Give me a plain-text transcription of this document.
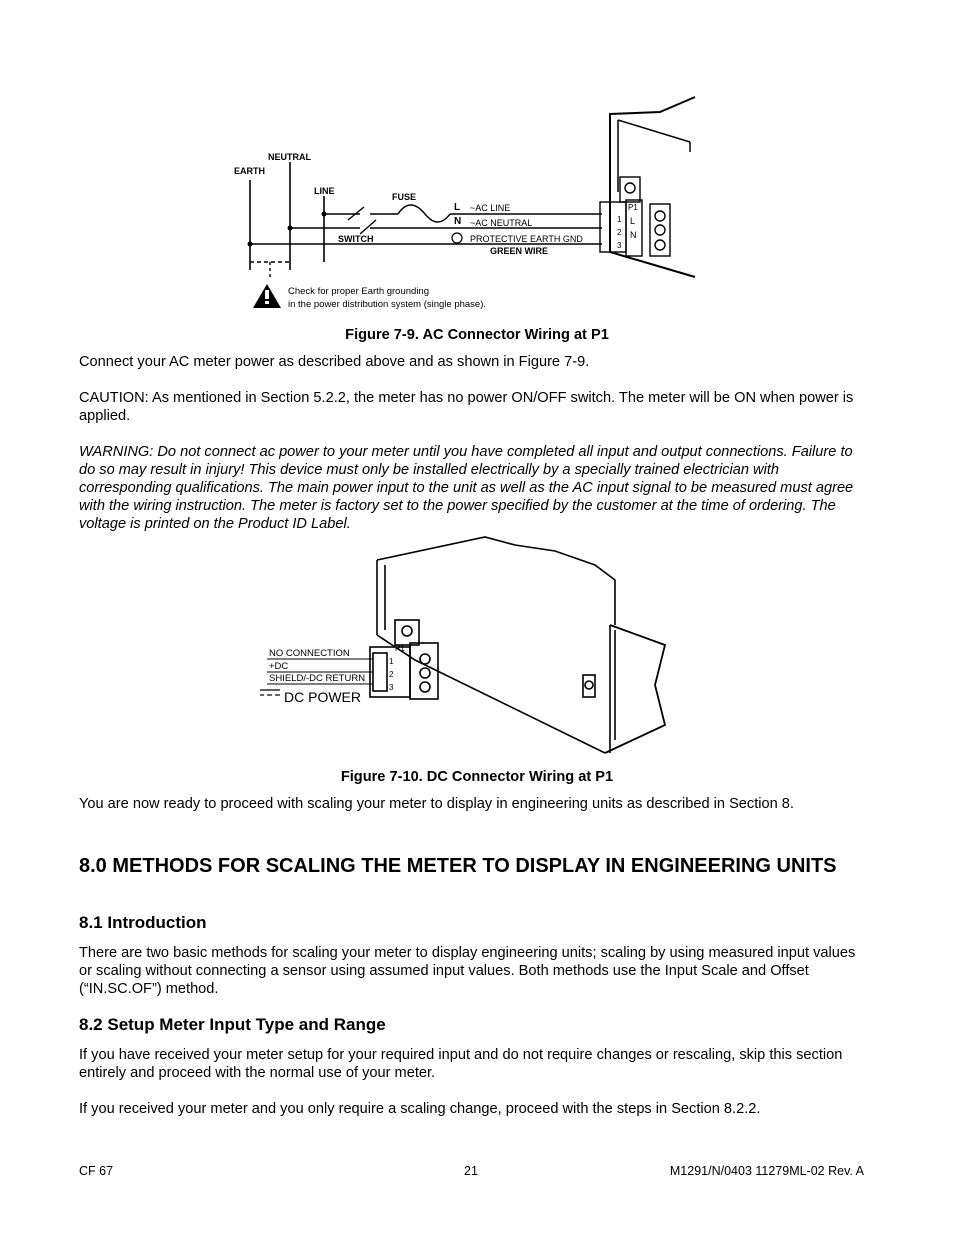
EARTH
NEUTRAL
LINE
FUSE
SWITCH
L
N
~AC LINE
~AC NEUTRAL
PROTECTIVE EARTH GND
GREEN WIRE
P1
1
2
3
L
N
Check for proper Earth grounding
in the power distribution system (single phase).
Figure 7-9. AC Connector Wiring at P1

Connect your AC meter power as described above and as shown in Figure 7-9.

CAUTION: As mentioned in Section 5.2.2, the meter has no power ON/OFF switch. The meter will be ON when power is applied.

WARNING: Do not connect ac power to your meter until you have completed all input and output connections. Failure to do so may result in injury! This device must only be installed electrically by a specially trained electrician with corresponding qualifications. The main power input to the unit as well as the AC input signal to be measured must agree with the wiring instruction. The meter is factory set to the power specified by the customer at the time of ordering. The voltage is printed on the Product ID Label.

NO CONNECTION
+DC
SHIELD/-DC RETURN
DC POWER
P1
1
2
3
Figure 7-10. DC Connector Wiring at P1

You are now ready to proceed with scaling your meter to display in engineering units as described in Section 8.

8.0 METHODS FOR SCALING THE METER TO DISPLAY IN ENGINEERING UNITS
8.1 Introduction

There are two basic methods for scaling your meter to display engineering units; scaling by using measured input values or scaling without connecting a sensor using assumed input values. Both methods use the Input Scale and Offset (“IN.SC.OF”) method.

8.2 Setup Meter Input Type and Range

If you have received your meter setup for your required input and do not require changes or rescaling, skip this section entirely and proceed with the normal use of your meter.

If you received your meter and you only require a scaling change, proceed with the steps in Section 8.2.2.

CF 67	21	M1291/N/0403 11279ML-02 Rev. A
